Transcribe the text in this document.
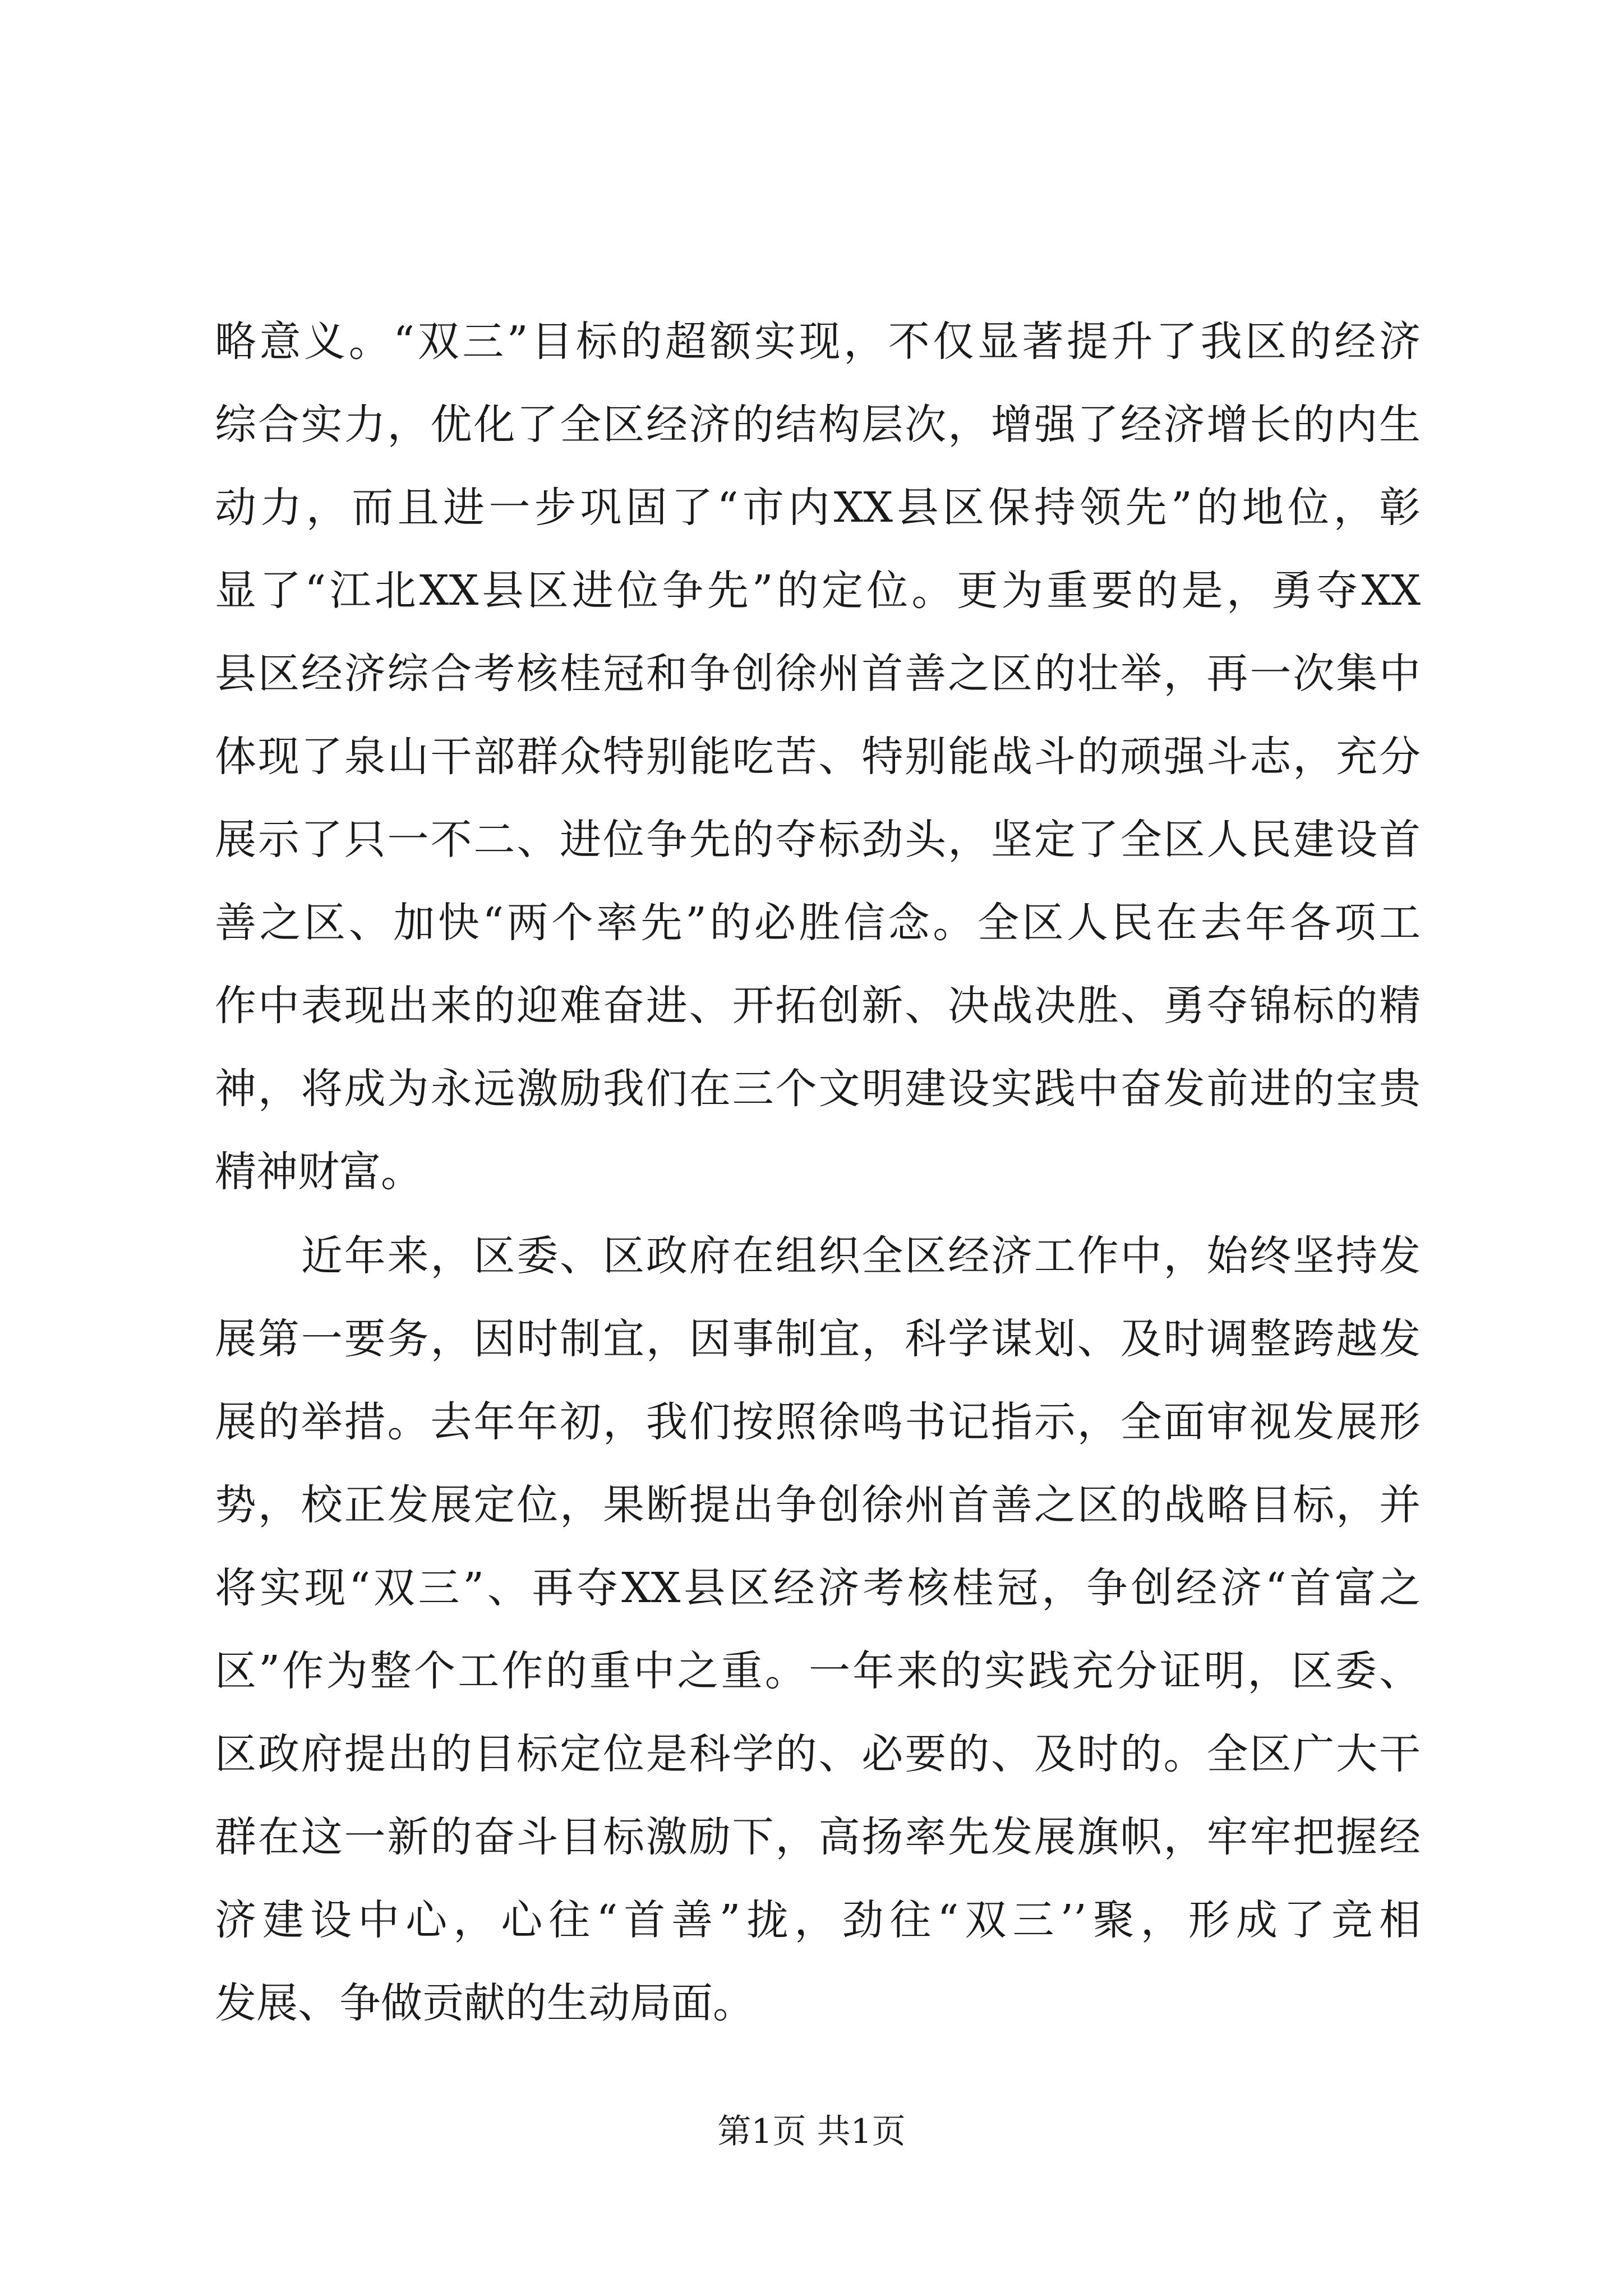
略意义。“双三”目标的超额实现，不仅显著提升了我区的经济
综合实力，优化了全区经济的结构层次，增强了经济增长的内生
动力，而且进一步巩固了“市内XX县区保持领先”的地位，彰
显了“江北XX县区进位争先”的定位。更为重要的是，勇夺XX
县区经济综合考核桂冠和争创徐州首善之区的壮举，再一次集中
体现了泉山干部群众特别能吃苦、特别能战斗的顽强斗志，充分
展示了只一不二、进位争先的夺标劲头，坚定了全区人民建设首
善之区、加快“两个率先”的必胜信念。全区人民在去年各项工
作中表现出来的迎难奋进、开拓创新、决战决胜、勇夺锦标的精
神，将成为永远激励我们在三个文明建设实践中奋发前进的宝贵
精神财富。
　　近年来，区委、区政府在组织全区经济工作中，始终坚持发
展第一要务，因时制宜，因事制宜，科学谋划、及时调整跨越发
展的举措。去年年初，我们按照徐鸣书记指示，全面审视发展形
势，校正发展定位，果断提出争创徐州首善之区的战略目标，并
将实现“双三”、再夺XX县区经济考核桂冠，争创经济“首富之
区”作为整个工作的重中之重。一年来的实践充分证明，区委、
区政府提出的目标定位是科学的、必要的、及时的。全区广大干
群在这一新的奋斗目标激励下，高扬率先发展旗帜，牢牢把握经
济建设中心，心往“首善”拢，劲往“双三’’聚，形成了竞相
发展、争做贡献的生动局面。
第1页 共1页
